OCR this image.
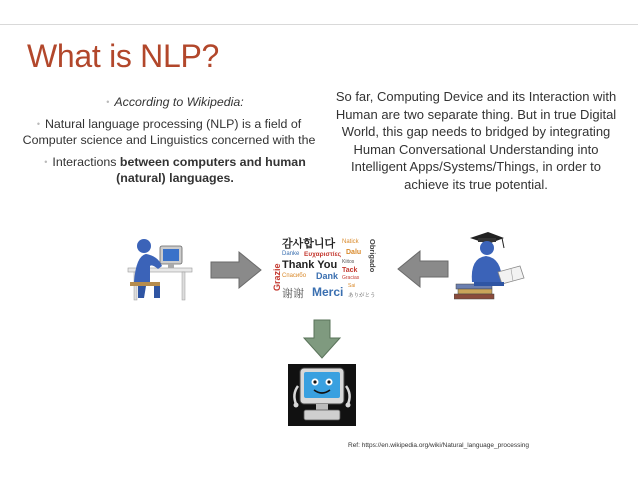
What is NLP?
• According to Wikipedia:
• Natural language processing (NLP) is a field of Computer science and Linguistics concerned with the
• Interactions between computers and human (natural) languages.
So far, Computing Device and its Interaction with Human are two separate thing. But in true Digital World, this gap needs to bridged by integrating Human Conversational Understanding into Intelligent Apps/Systems/Things, in order to achieve its true potential.
감사합니다 Natick
Danke Ευχαριστίες Dalu
Grazie Thank You Kiitos
Tack
Спасибо Dank Gracias
Obrigado
谢谢 Merci ありがとう
Sai
Ref: https://en.wikipedia.org/wiki/Natural_language_processing
